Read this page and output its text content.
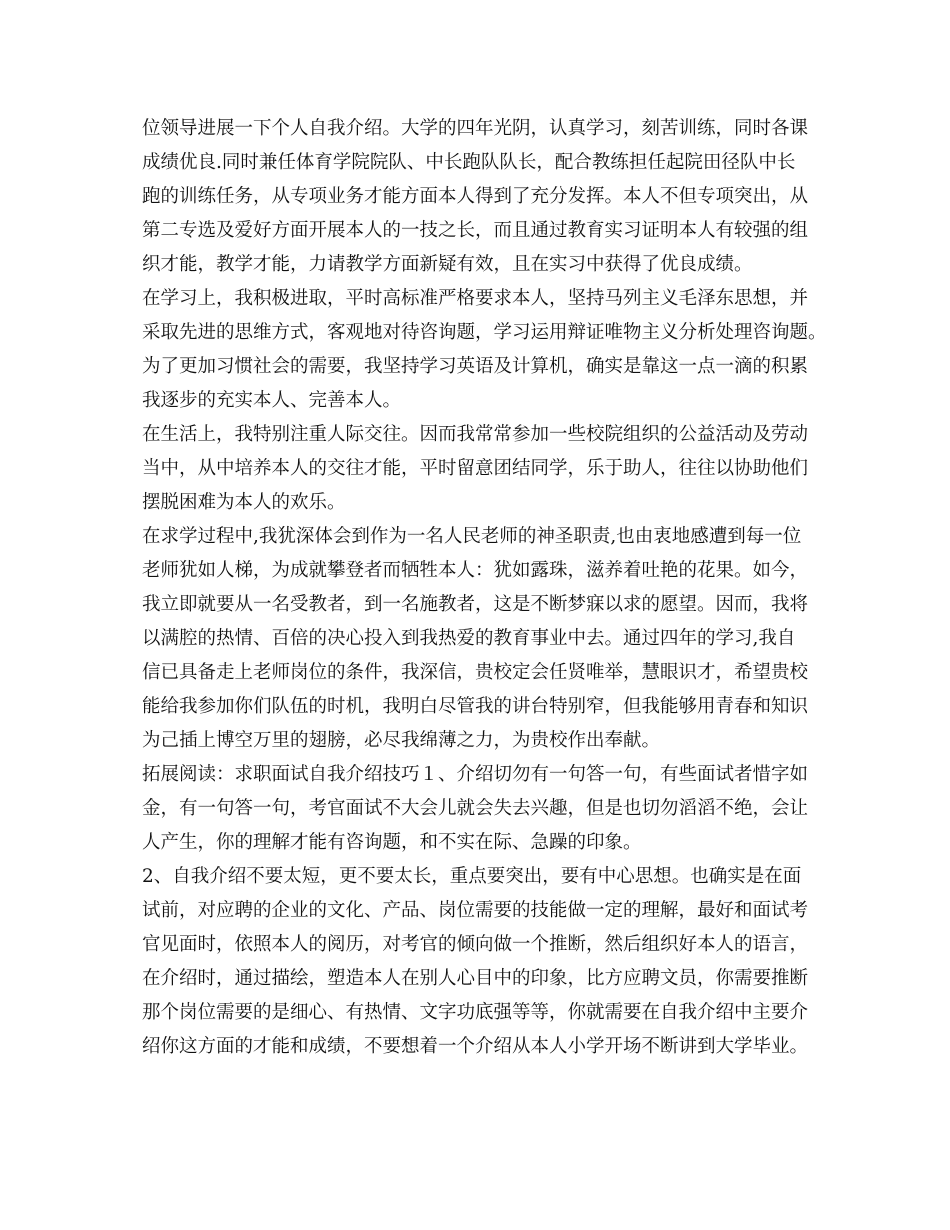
位领导进展一下个人自我介绍。大学的四年光阴，认真学习，刻苦训练，同时各课
成绩优良.同时兼任体育学院院队、中长跑队队长，配合教练担任起院田径队中长
跑的训练任务，从专项业务才能方面本人得到了充分发挥。本人不但专项突出，从
第二专选及爱好方面开展本人的一技之长，而且通过教育实习证明本人有较强的组
织才能，教学才能，力请教学方面新疑有效，且在实习中获得了优良成绩。
在学习上，我积极进取，平时高标准严格要求本人，坚持马列主义毛泽东思想，并
采取先进的思维方式，客观地对待咨询题，学习运用辩证唯物主义分析处理咨询题。
为了更加习惯社会的需要，我坚持学习英语及计算机，确实是靠这一点一滴的积累
我逐步的充实本人、完善本人。
在生活上，我特别注重人际交往。因而我常常参加一些校院组织的公益活动及劳动
当中，从中培养本人的交往才能，平时留意团结同学，乐于助人，往往以协助他们
摆脱困难为本人的欢乐。
在求学过程中,我犹深体会到作为一名人民老师的神圣职责,也由衷地感遭到每一位
老师犹如人梯，为成就攀登者而牺牲本人：犹如露珠，滋养着吐艳的花果。如今，
我立即就要从一名受教者，到一名施教者，这是不断梦寐以求的愿望。因而，我将
以满腔的热情、百倍的决心投入到我热爱的教育事业中去。通过四年的学习,我自
信已具备走上老师岗位的条件，我深信，贵校定会任贤唯举，慧眼识才，希望贵校
能给我参加你们队伍的时机，我明白尽管我的讲台特别窄，但我能够用青春和知识
为己插上博空万里的翅膀，必尽我绵薄之力，为贵校作出奉献。
拓展阅读：求职面试自我介绍技巧１、介绍切勿有一句答一句，有些面试者惜字如
金，有一句答一句，考官面试不大会儿就会失去兴趣，但是也切勿滔滔不绝，会让
人产生，你的理解才能有咨询题，和不实在际、急躁的印象。
2、自我介绍不要太短，更不要太长，重点要突出，要有中心思想。也确实是在面
试前，对应聘的企业的文化、产品、岗位需要的技能做一定的理解，最好和面试考
官见面时，依照本人的阅历，对考官的倾向做一个推断，然后组织好本人的语言，
在介绍时，通过描绘，塑造本人在别人心目中的印象，比方应聘文员，你需要推断
那个岗位需要的是细心、有热情、文字功底强等等，你就需要在自我介绍中主要介
绍你这方面的才能和成绩，不要想着一个介绍从本人小学开场不断讲到大学毕业。
